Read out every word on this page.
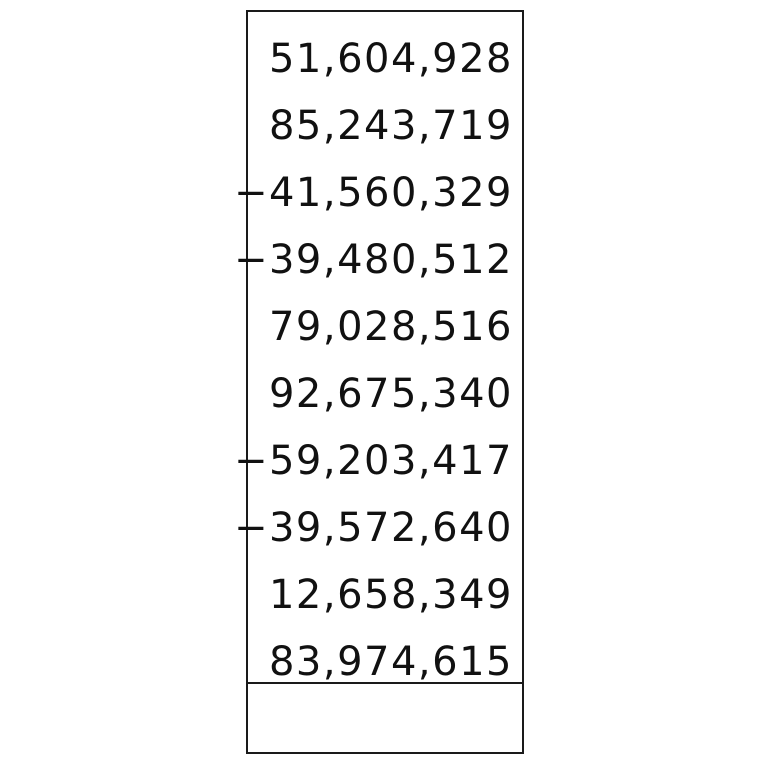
51,604,928
85,243,719
−41,560,329
−39,480,512
79,028,516
92,675,340
−59,203,417
−39,572,640
12,658,349
83,974,615
